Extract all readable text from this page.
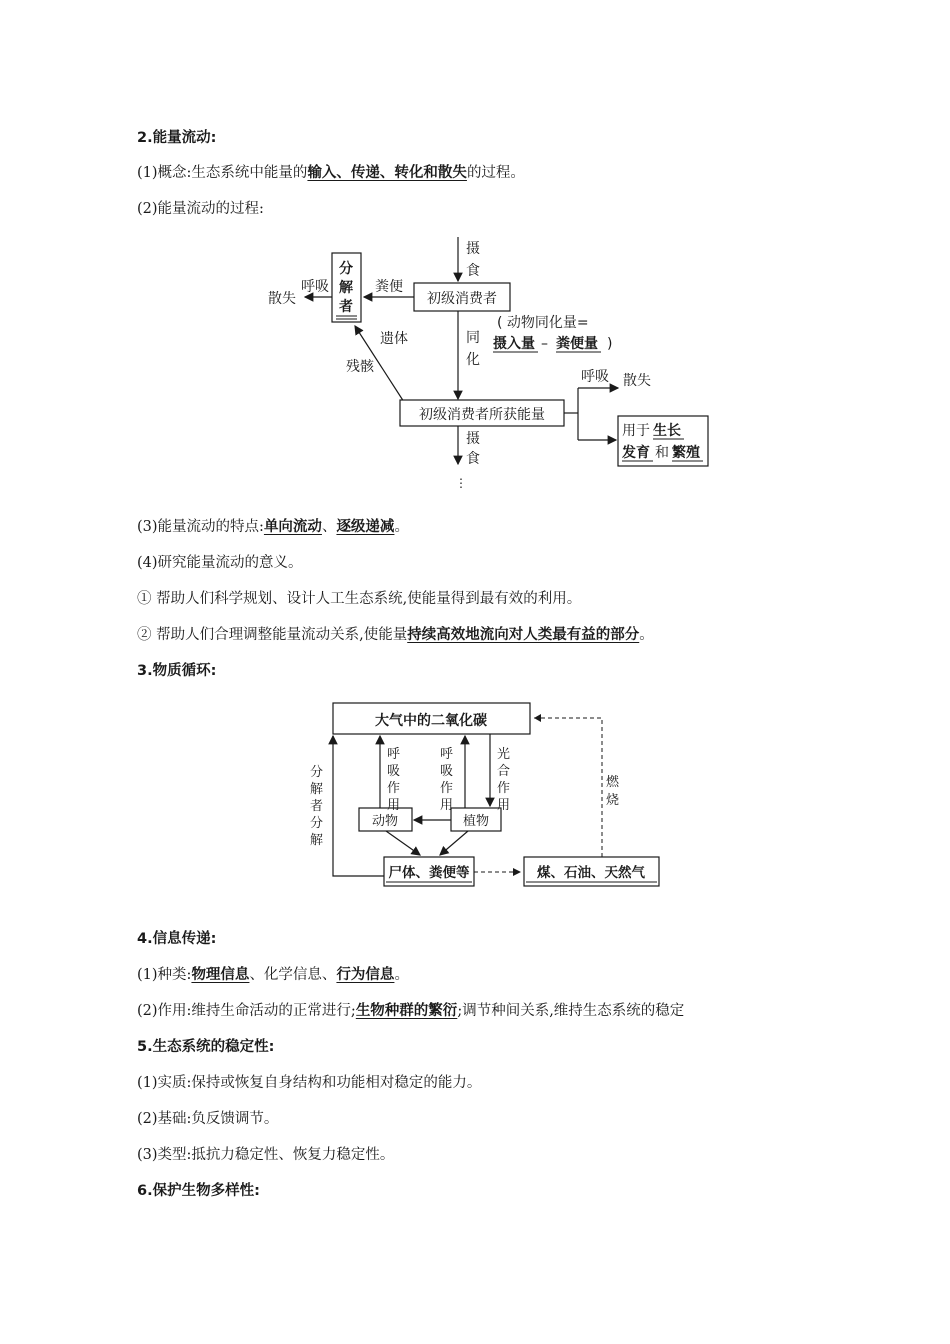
2.能量流动:
(1)概念:生态系统中能量的输入、传递、转化和散失的过程。
(2)能量流动的过程:
摄
食
初级消费者
分
解
者
粪便
呼吸
散失
遗体
残骸
同
化
( 动物同化量=
摄入量 – 粪便量 )
初级消费者所获能量
摄
食
⋮
呼吸 散失
用于 生长
发育 和 繁殖
(3)能量流动的特点:单向流动、逐级递减。
(4)研究能量流动的意义。
① 帮助人们科学规划、设计人工生态系统,使能量得到最有效的利用。
② 帮助人们合理调整能量流动关系,使能量持续高效地流向对人类最有益的部分。
3.物质循环:
大气中的二氧化碳
呼
吸
作
用
呼
吸
作
用
光
合
作
用
动物	植物
分
解
者
分
解
尸体、粪便等	煤、石油、天然气
燃
烧
4.信息传递:
(1)种类:物理信息、化学信息、行为信息。
(2)作用:维持生命活动的正常进行;生物种群的繁衍;调节种间关系,维持生态系统的稳定
5.生态系统的稳定性:
(1)实质:保持或恢复自身结构和功能相对稳定的能力。
(2)基础:负反馈调节。
(3)类型:抵抗力稳定性、恢复力稳定性。
6.保护生物多样性:
